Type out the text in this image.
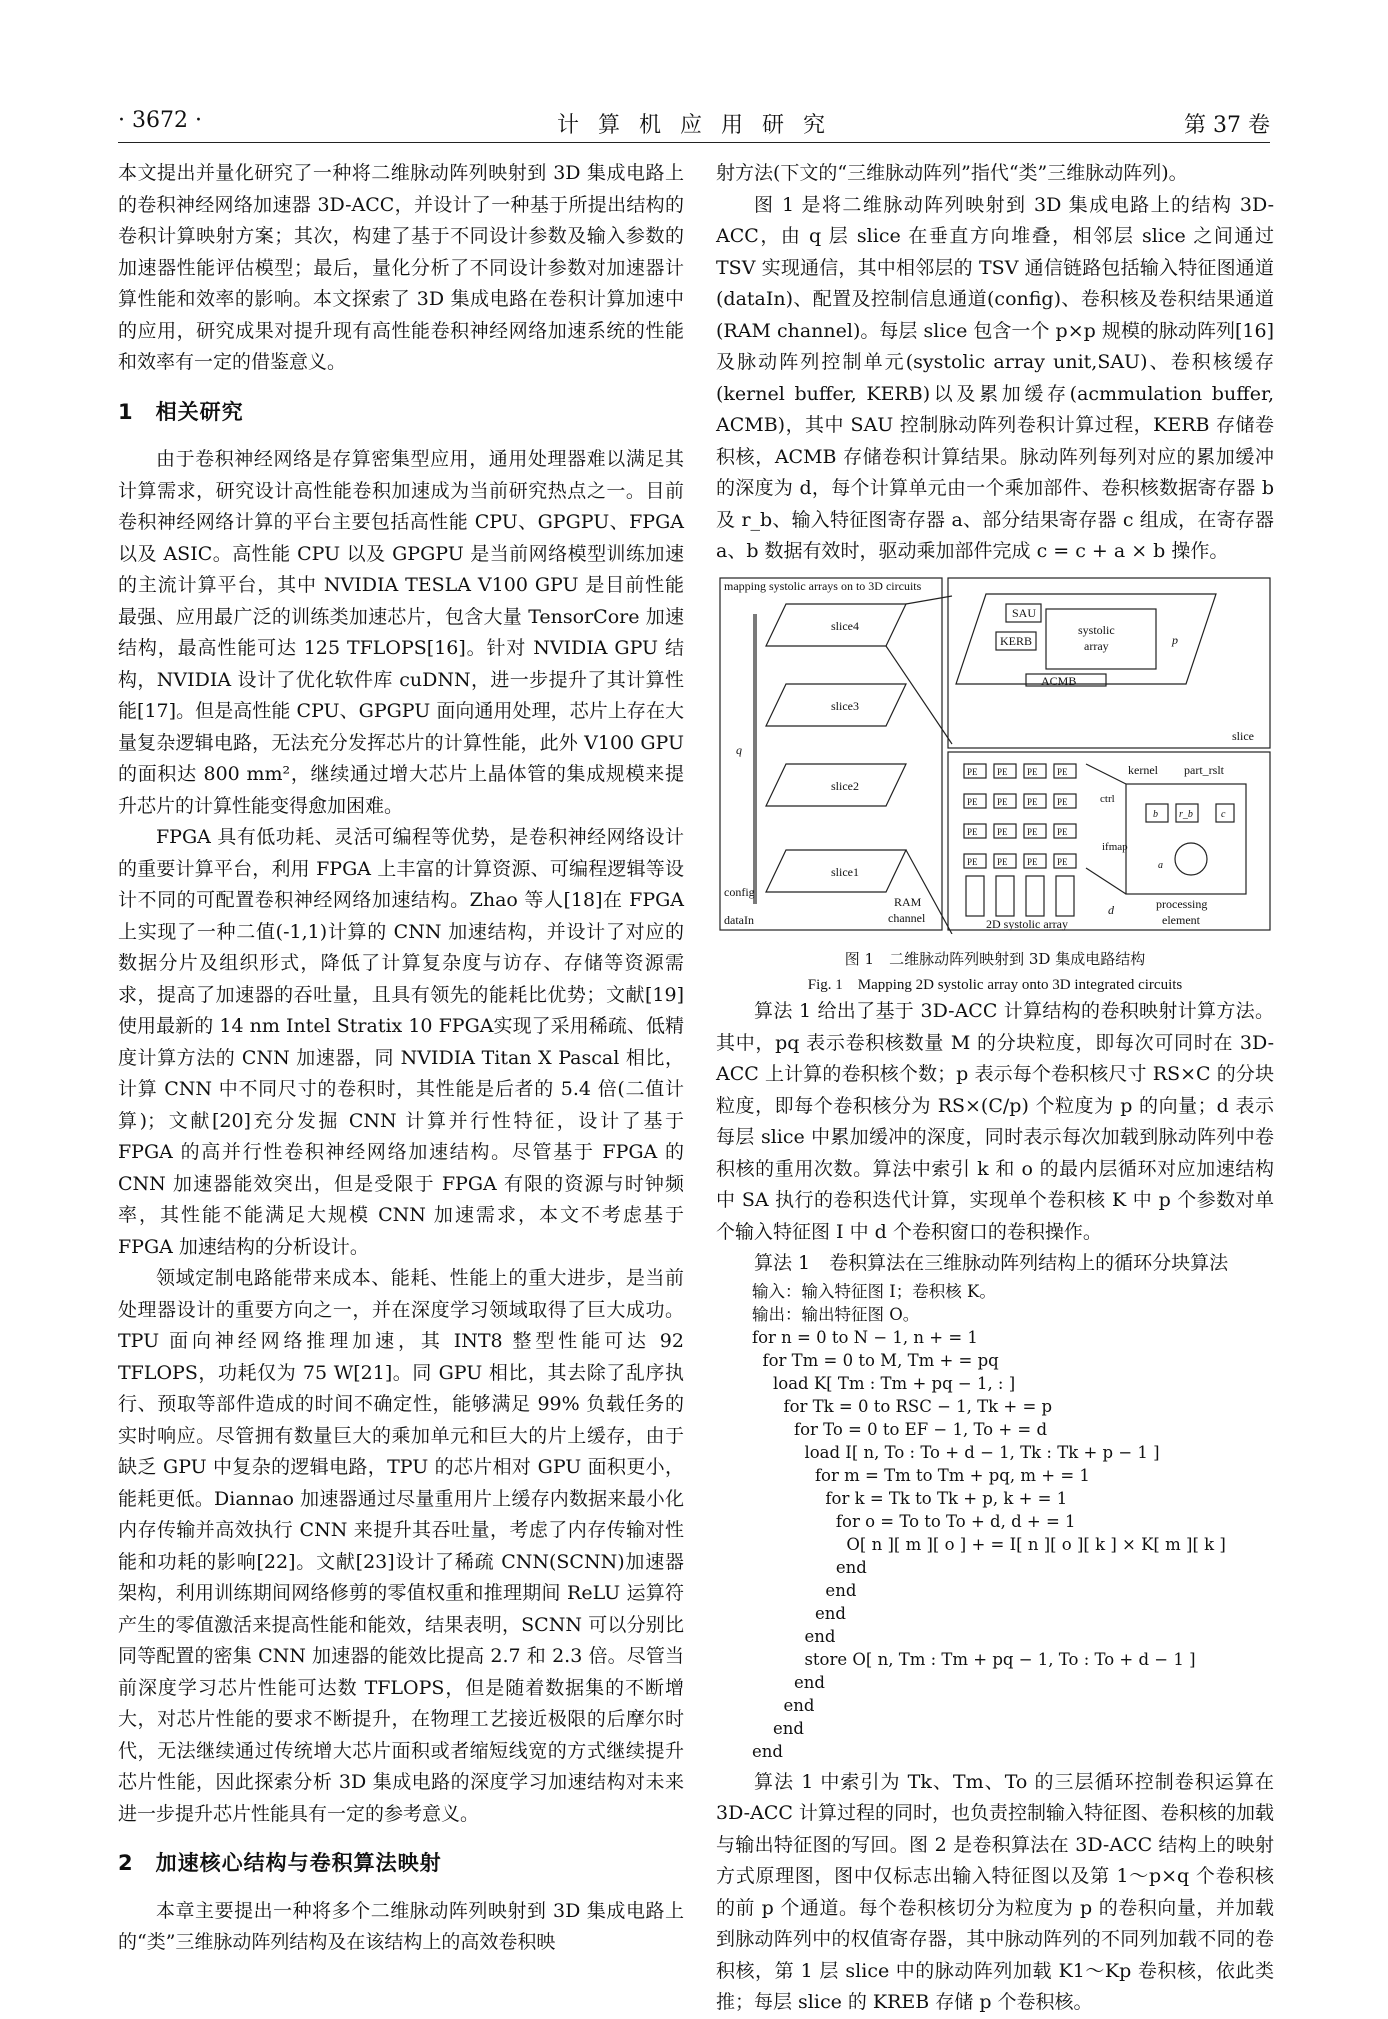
· 3672 ·	计 算 机 应 用 研 究	第 37 卷

本文提出并量化研究了一种将二维脉动阵列映射到 3D 集成电路上的卷积神经网络加速器 3D-ACC，并设计了一种基于所提出结构的卷积计算映射方案；其次，构建了基于不同设计参数及输入参数的加速器性能评估模型；最后，量化分析了不同设计参数对加速器计算性能和效率的影响。本文探索了 3D 集成电路在卷积计算加速中的应用，研究成果对提升现有高性能卷积神经网络加速系统的性能和效率有一定的借鉴意义。

1　相关研究

由于卷积神经网络是存算密集型应用，通用处理器难以满足其计算需求，研究设计高性能卷积加速成为当前研究热点之一。目前卷积神经网络计算的平台主要包括高性能 CPU、GPGPU、FPGA 以及 ASIC。高性能 CPU 以及 GPGPU 是当前网络模型训练加速的主流计算平台，其中 NVIDIA TESLA V100 GPU 是目前性能最强、应用最广泛的训练类加速芯片，包含大量 TensorCore 加速结构，最高性能可达 125 TFLOPS[16]。针对 NVIDIA GPU 结构，NVIDIA 设计了优化软件库 cuDNN，进一步提升了其计算性能[17]。但是高性能 CPU、GPGPU 面向通用处理，芯片上存在大量复杂逻辑电路，无法充分发挥芯片的计算性能，此外 V100 GPU 的面积达 800 mm²，继续通过增大芯片上晶体管的集成规模来提升芯片的计算性能变得愈加困难。

FPGA 具有低功耗、灵活可编程等优势，是卷积神经网络设计的重要计算平台，利用 FPGA 上丰富的计算资源、可编程逻辑等设计不同的可配置卷积神经网络加速结构。Zhao 等人[18]在 FPGA 上实现了一种二值(-1,1)计算的 CNN 加速结构，并设计了对应的数据分片及组织形式，降低了计算复杂度与访存、存储等资源需求，提高了加速器的吞吐量，且具有领先的能耗比优势；文献[19]使用最新的 14 nm Intel Stratix 10 FPGA实现了采用稀疏、低精度计算方法的 CNN 加速器，同 NVIDIA Titan X Pascal 相比，计算 CNN 中不同尺寸的卷积时，其性能是后者的 5.4 倍(二值计算)；文献[20]充分发掘 CNN 计算并行性特征，设计了基于 FPGA 的高并行性卷积神经网络加速结构。尽管基于 FPGA 的 CNN 加速器能效突出，但是受限于 FPGA 有限的资源与时钟频率，其性能不能满足大规模 CNN 加速需求，本文不考虑基于 FPGA 加速结构的分析设计。

领域定制电路能带来成本、能耗、性能上的重大进步，是当前处理器设计的重要方向之一，并在深度学习领域取得了巨大成功。TPU 面向神经网络推理加速，其 INT8 整型性能可达 92 TFLOPS，功耗仅为 75 W[21]。同 GPU 相比，其去除了乱序执行、预取等部件造成的时间不确定性，能够满足 99% 负载任务的实时响应。尽管拥有数量巨大的乘加单元和巨大的片上缓存，由于缺乏 GPU 中复杂的逻辑电路，TPU 的芯片相对 GPU 面积更小，能耗更低。Diannao 加速器通过尽量重用片上缓存内数据来最小化内存传输并高效执行 CNN 来提升其吞吐量，考虑了内存传输对性能和功耗的影响[22]。文献[23]设计了稀疏 CNN(SCNN)加速器架构，利用训练期间网络修剪的零值权重和推理期间 ReLU 运算符产生的零值激活来提高性能和能效，结果表明，SCNN 可以分别比同等配置的密集 CNN 加速器的能效比提高 2.7 和 2.3 倍。尽管当前深度学习芯片性能可达数 TFLOPS，但是随着数据集的不断增大，对芯片性能的要求不断提升，在物理工艺接近极限的后摩尔时代，无法继续通过传统增大芯片面积或者缩短线宽的方式继续提升芯片性能，因此探索分析 3D 集成电路的深度学习加速结构对未来进一步提升芯片性能具有一定的参考意义。

2　加速核心结构与卷积算法映射

本章主要提出一种将多个二维脉动阵列映射到 3D 集成电路上的“类”三维脉动阵列结构及在该结构上的高效卷积映

射方法(下文的“三维脉动阵列”指代“类”三维脉动阵列)。

图 1 是将二维脉动阵列映射到 3D 集成电路上的结构 3D-ACC，由 q 层 slice 在垂直方向堆叠，相邻层 slice 之间通过 TSV 实现通信，其中相邻层的 TSV 通信链路包括输入特征图通道(dataIn)、配置及控制信息通道(config)、卷积核及卷积结果通道(RAM channel)。每层 slice 包含一个 p×p 规模的脉动阵列[16]及脉动阵列控制单元(systolic array unit,SAU)、卷积核缓存(kernel buffer, KERB)以及累加缓存(acmmulation buffer, ACMB)，其中 SAU 控制脉动阵列卷积计算过程，KERB 存储卷积核，ACMB 存储卷积计算结果。脉动阵列每列对应的累加缓冲的深度为 d，每个计算单元由一个乘加部件、卷积核数据寄存器 b 及 r_b、输入特征图寄存器 a、部分结果寄存器 c 组成，在寄存器 a、b 数据有效时，驱动乘加部件完成 c = c + a × b 操作。

mapping systolic arrays on to 3D circuits
slice4
slice3
slice2
slice1
q
config
dataIn
RAM
channel
SAU
KERB
systolic
array
ACMB
p
slice
PE PE PE PE
PE PE PE PE
PE PE PE PE
PE PE PE PE
kernel part_rslt
ctrl
ifmap
2D systolic array
d	processing
element
b r_b	c
a
图 1　二维脉动阵列映射到 3D 集成电路结构
Fig. 1　Mapping 2D systolic array onto 3D integrated circuits

算法 1 给出了基于 3D-ACC 计算结构的卷积映射计算方法。其中，pq 表示卷积核数量 M 的分块粒度，即每次可同时在 3D-ACC 上计算的卷积核个数；p 表示每个卷积核尺寸 RS×C 的分块粒度，即每个卷积核分为 RS×(C/p) 个粒度为 p 的向量；d 表示每层 slice 中累加缓冲的深度，同时表示每次加载到脉动阵列中卷积核的重用次数。算法中索引 k 和 o 的最内层循环对应加速结构中 SA 执行的卷积迭代计算，实现单个卷积核 K 中 p 个参数对单个输入特征图 I 中 d 个卷积窗口的卷积操作。

算法 1　卷积算法在三维脉动阵列结构上的循环分块算法

输入：输入特征图 I；卷积核 K。
输出：输出特征图 O。
for n = 0 to N − 1, n + = 1
for Tm = 0 to M, Tm + = pq
load K[ Tm : Tm + pq − 1, : ]
for Tk = 0 to RSC − 1, Tk + = p
for To = 0 to EF − 1, To + = d
load I[ n, To : To + d − 1, Tk : Tk + p − 1 ]
for m = Tm to Tm + pq, m + = 1
for k = Tk to Tk + p, k + = 1
for o = To to To + d, d + = 1
O[ n ][ m ][ o ] + = I[ n ][ o ][ k ] × K[ m ][ k ]
end
end
end
end
store O[ n, Tm : Tm + pq − 1, To : To + d − 1 ]
end
end
end
end

算法 1 中索引为 Tk、Tm、To 的三层循环控制卷积运算在 3D-ACC 计算过程的同时，也负责控制输入特征图、卷积核的加载与输出特征图的写回。图 2 是卷积算法在 3D-ACC 结构上的映射方式原理图，图中仅标志出输入特征图以及第 1～p×q 个卷积核的前 p 个通道。每个卷积核切分为粒度为 p 的卷积向量，并加载到脉动阵列中的权值寄存器，其中脉动阵列的不同列加载不同的卷积核，第 1 层 slice 中的脉动阵列加载 K1～Kp 卷积核，依此类推；每层 slice 的 KREB 存储 p 个卷积核。
